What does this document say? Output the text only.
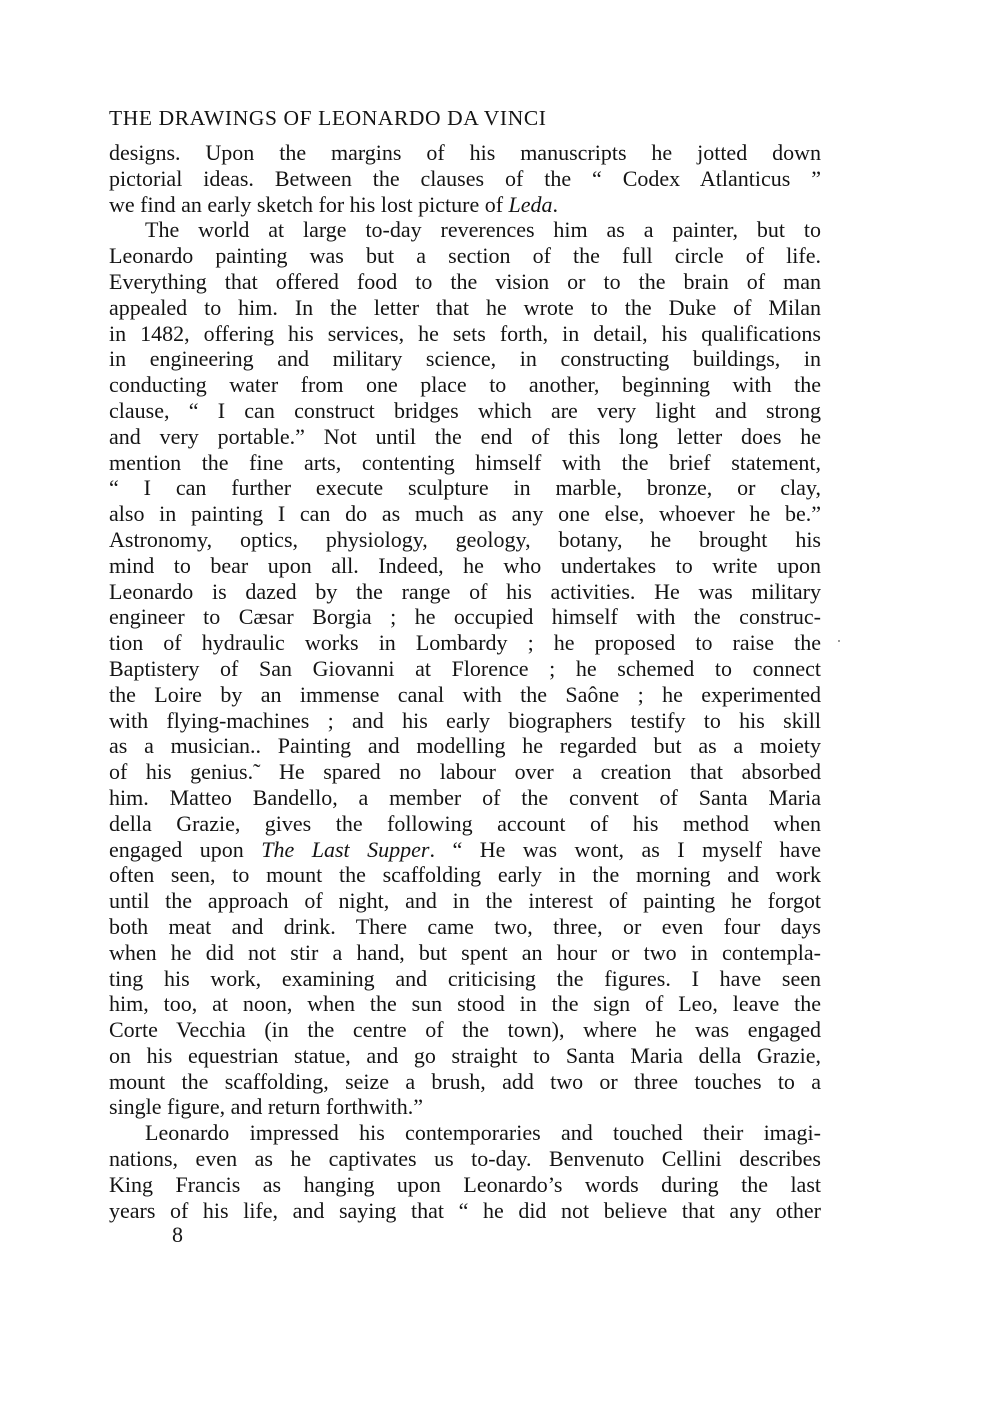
THE DRAWINGS OF LEONARDO DA VINCI
designs. Upon the margins of his manuscripts he jotted down
pictorial ideas. Between the clauses of the “ Codex Atlanticus ”
we find an early sketch for his lost picture of Leda.
The world at large to-day reverences him as a painter, but to
Leonardo painting was but a section of the full circle of life.
Everything that offered food to the vision or to the brain of man
appealed to him. In the letter that he wrote to the Duke of Milan
in 1482, offering his services, he sets forth, in detail, his qualifications
in engineering and military science, in constructing buildings, in
conducting water from one place to another, beginning with the
clause, “ I can construct bridges which are very light and strong
and very portable.” Not until the end of this long letter does he
mention the fine arts, contenting himself with the brief statement,
“ I can further execute sculpture in marble, bronze, or clay,
also in painting I can do as much as any one else, whoever he be.”
Astronomy, optics, physiology, geology, botany, he brought his
mind to bear upon all. Indeed, he who undertakes to write upon
Leonardo is dazed by the range of his activities. He was military
engineer to Cæsar Borgia ; he occupied himself with the construc-
tion of hydraulic works in Lombardy ; he proposed to raise the
Baptistery of San Giovanni at Florence ; he schemed to connect
the Loire by an immense canal with the Saône ; he experimented
with flying-machines ; and his early biographers testify to his skill
as a musician.. Painting and modelling he regarded but as a moiety
of his genius.˜ He spared no labour over a creation that absorbed
him. Matteo Bandello, a member of the convent of Santa Maria
della Grazie, gives the following account of his method when
engaged upon The Last Supper. “ He was wont, as I myself have
often seen, to mount the scaffolding early in the morning and work
until the approach of night, and in the interest of painting he forgot
both meat and drink. There came two, three, or even four days
when he did not stir a hand, but spent an hour or two in contempla-
ting his work, examining and criticising the figures. I have seen
him, too, at noon, when the sun stood in the sign of Leo, leave the
Corte Vecchia (in the centre of the town), where he was engaged
on his equestrian statue, and go straight to Santa Maria della Grazie,
mount the scaffolding, seize a brush, add two or three touches to a
single figure, and return forthwith.”
Leonardo impressed his contemporaries and touched their imagi-
nations, even as he captivates us to-day. Benvenuto Cellini describes
King Francis as hanging upon Leonardo’s words during the last
years of his life, and saying that “ he did not believe that any other
8
